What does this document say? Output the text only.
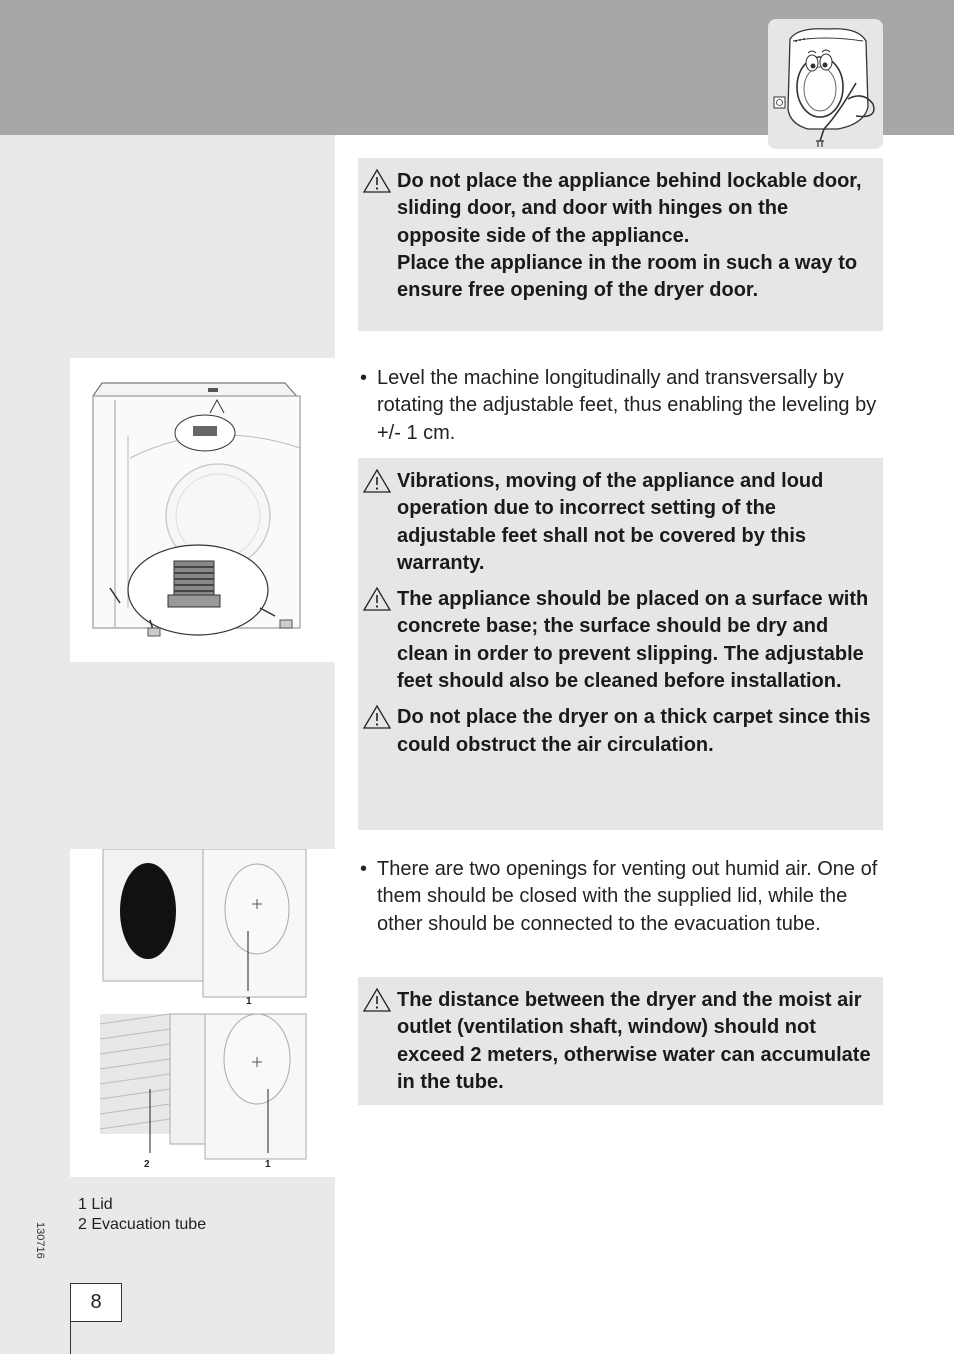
1
2	1
1 Lid
2 Evacuation tube
130716
8
Do not place the appliance behind lockable door, sliding door, and door with hinges on the opposite side of the appliance.
Place the appliance in the room in such a way to ensure free opening of the dryer door.
• Level the machine longitudinally and transversally by rotating the adjustable feet, thus enabling the leveling by +/- 1 cm.
Vibrations, moving of the appliance and loud operation due to incorrect setting of the adjustable feet shall not be covered by this warranty.
The appliance should be placed on a surface with concrete base; the surface should be dry and clean in order to prevent slipping. The adjustable feet should also be cleaned before installation.
Do not place the dryer on a thick carpet since this could obstruct the air circulation.
• There are two openings for venting out humid air. One of them should be closed with the supplied lid, while the other should be connected to the evacuation tube.
The distance between the dryer and the moist air outlet (ventilation shaft, window) should not exceed 2 meters, otherwise water can accumulate in the tube.
